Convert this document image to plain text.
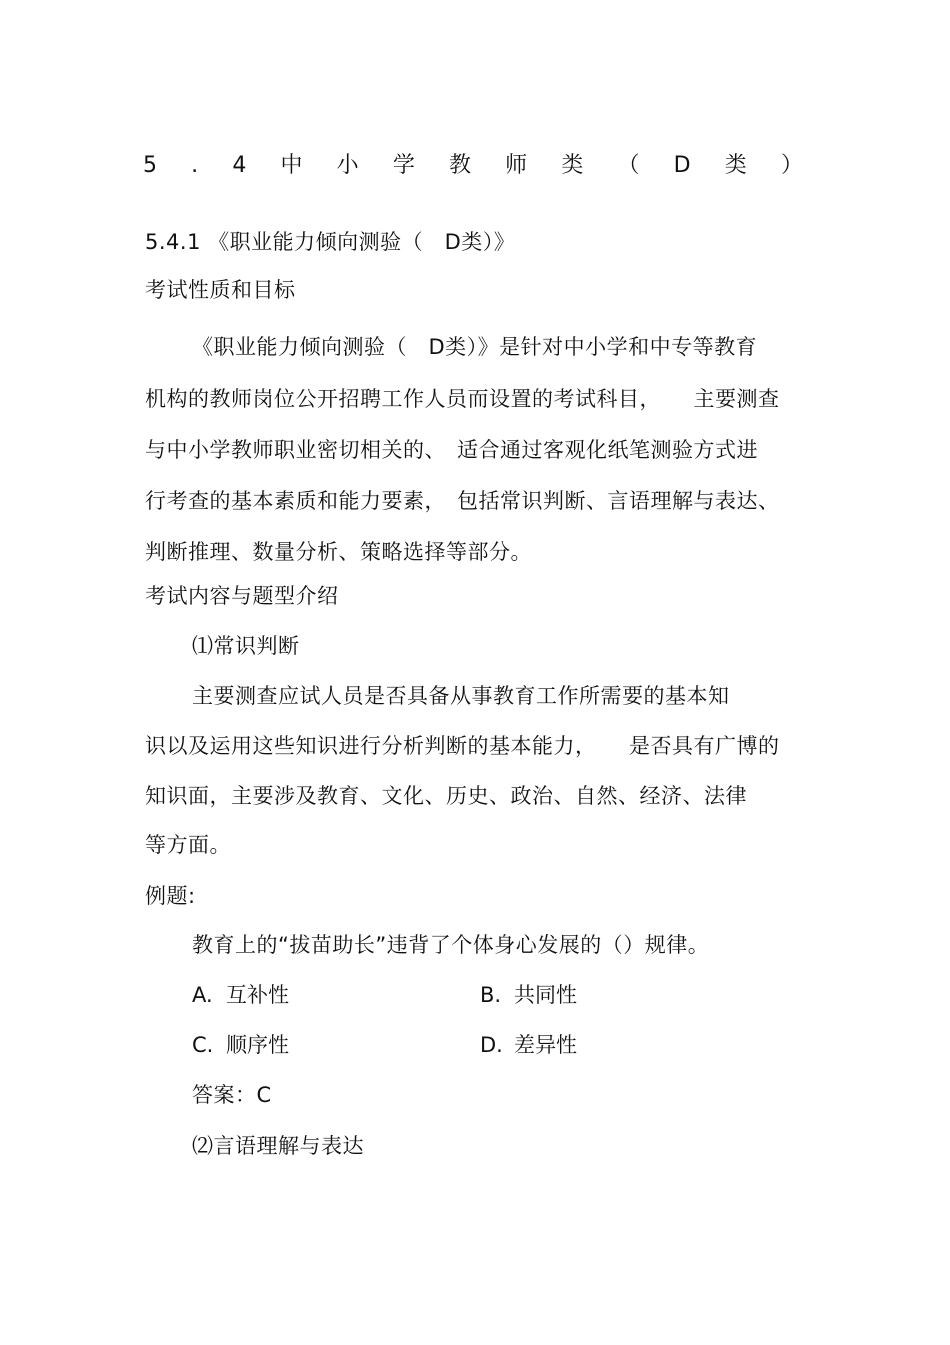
5 . 4 中 小 学 教 师 类 （ D 类 ）
5.4.1 《职业能力倾向测验（　D类）》
考试性质和目标
《职业能力倾向测验（　D类）》是针对中小学和中专等教育
机构的教师岗位公开招聘工作人员而设置的考试科目，　　主要测查
与中小学教师职业密切相关的、　适合通过客观化纸笔测验方式进
行考查的基本素质和能力要素，　包括常识判断、言语理解与表达、
判断推理、数量分析、策略选择等部分。
考试内容与题型介绍
⑴常识判断
主要测查应试人员是否具备从事教育工作所需要的基本知
识以及运用这些知识进行分析判断的基本能力，　　是否具有广博的
知识面，主要涉及教育、文化、历史、政治、自然、经济、法律
等方面。
例题:
教育上的“拔苗助长”违背了个体身心发展的（）规律。
A. 互补性	B. 共同性
C. 顺序性	D. 差异性
答案：C
⑵言语理解与表达
